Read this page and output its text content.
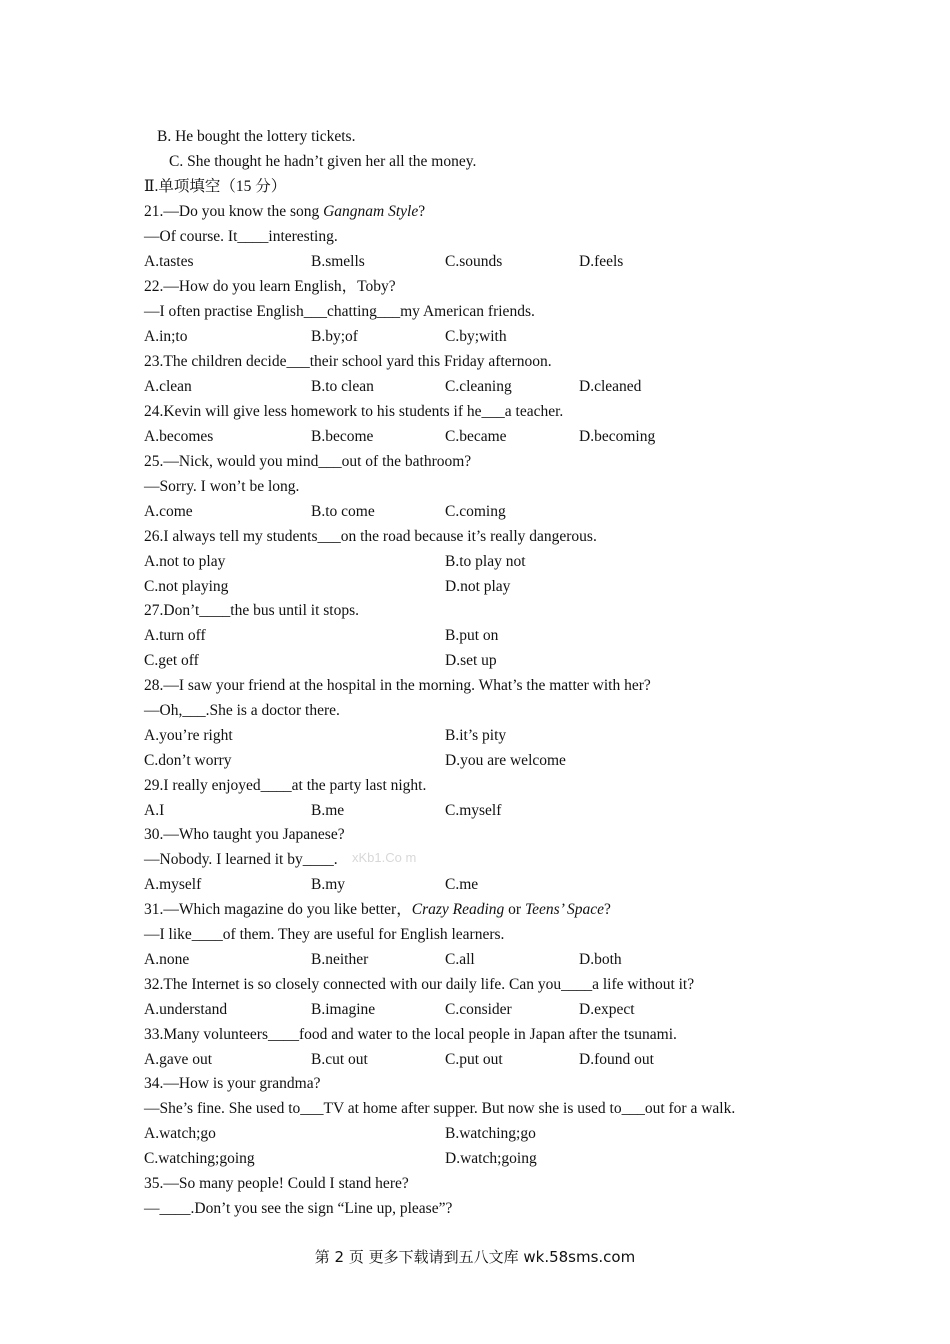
B. He bought the lottery tickets.
C. She thought he hadn’t given her all the money.
Ⅱ.单项填空（15 分）
21.—Do you know the song Gangnam Style?
—Of course. It____interesting.
A.tastes	B.smells	C.sounds	D.feels
22.—How do you learn English，Toby?
—I often practise English___chatting___my American friends.
A.in;to	B.by;of	C.by;with
23.The children decide___their school yard this Friday afternoon.
A.clean	B.to clean	C.cleaning	D.cleaned
24.Kevin will give less homework to his students if he___a teacher.
A.becomes	B.become	C.became	D.becoming
25.—Nick, would you mind___out of the bathroom?
—Sorry. I won’t be long.
A.come	B.to come	C.coming
26.I always tell my students___on the road because it’s really dangerous.
A.not to play	B.to play not
C.not playing	D.not play
27.Don’t____the bus until it stops.
A.turn off	B.put on
C.get off	D.set up
28.—I saw your friend at the hospital in the morning. What’s the matter with her?
—Oh,___.She is a doctor there.
A.you’re right	B.it’s pity
C.don’t worry	D.you are welcome
29.I really enjoyed____at the party last night.
A.I	B.me	C.myself
30.—Who taught you Japanese?
—Nobody. I learned it by____. xKb1.Co m
A.myself	B.my	C.me
31.—Which magazine do you like better，Crazy Reading or Teens’ Space?
—I like____of them. They are useful for English learners.
A.none	B.neither	C.all	D.both
32.The Internet is so closely connected with our daily life. Can you____a life without it?
A.understand	B.imagine	C.consider	D.expect
33.Many volunteers____food and water to the local people in Japan after the tsunami.
A.gave out	B.cut out	C.put out	D.found out
34.—How is your grandma?
—She’s fine. She used to___TV at home after supper. But now she is used to___out for a walk.
A.watch;go	B.watching;go
C.watching;going	D.watch;going
35.—So many people! Could I stand here?
—____.Don’t you see the sign “Line up, please”?
第 2 页 更多下载请到五八文库 wk.58sms.com
